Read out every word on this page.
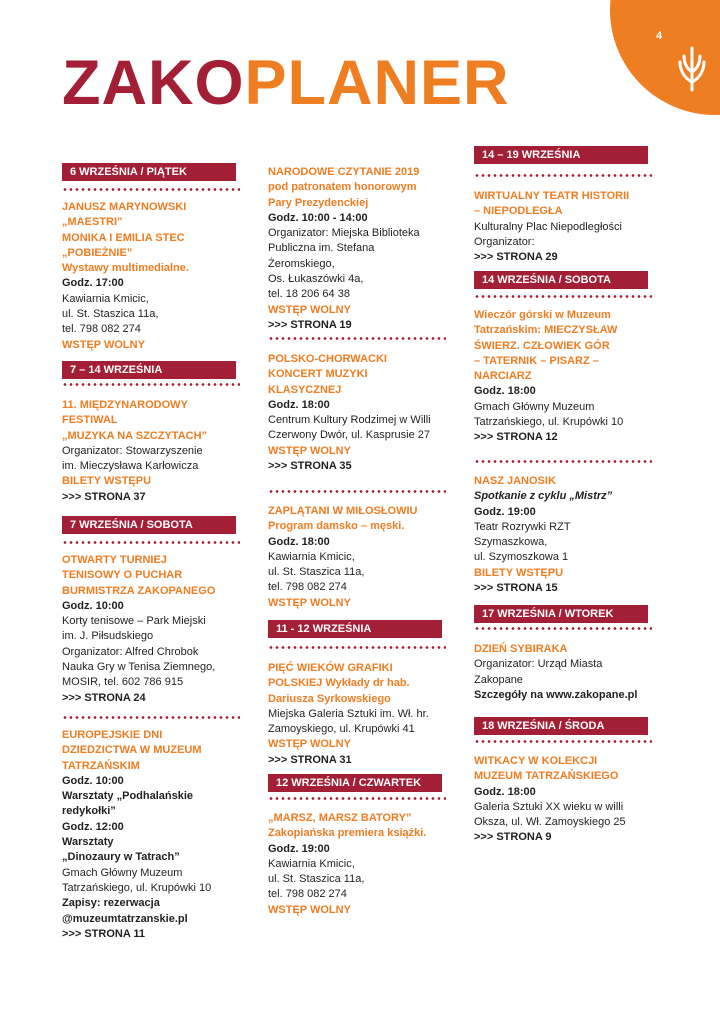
4
ZAKOPLANER
6 WRZEŚNIA / PIĄTEK
JANUSZ MARYNOWSKI
„MAESTRI”
MONIKA I EMILIA STEC
„POBIEŻNIE”
Wystawy multimedialne.
Godz. 17:00
Kawiarnia Kmicic,
ul. St. Staszica 11a,
tel. 798 082 274
WSTĘP WOLNY
7 – 14 WRZEŚNIA
11. MIĘDZYNARODOWY
FESTIWAL
„MUZYKA NA SZCZYTACH”
Organizator: Stowarzyszenie
im. Mieczysława Karłowicza
BILETY WSTĘPU
>>> STRONA 37
7 WRZEŚNIA / SOBOTA
OTWARTY TURNIEJ
TENISOWY O PUCHAR
BURMISTRZA ZAKOPANEGO
Godz. 10:00
Korty tenisowe – Park Miejski
im. J. Piłsudskiego
Organizator: Alfred Chrobok
Nauka Gry w Tenisa Ziemnego,
MOSIR, tel. 602 786 915
>>> STRONA 24
EUROPEJSKIE DNI
DZIEDZICTWA W MUZEUM
TATRZAŃSKIM
Godz. 10:00
Warsztaty „Podhalańskie
redykołki”
Godz. 12:00
Warsztaty
„Dinozaury w Tatrach”
Gmach Główny Muzeum
Tatrzańskiego, ul. Krupówki 10
Zapisy: rezerwacja
@muzeumtatrzanskie.pl
>>> STRONA 11
NARODOWE CZYTANIE 2019
pod patronatem honorowym
Pary Prezydenckiej
Godz. 10:00 - 14:00
Organizator: Miejska Biblioteka
Publiczna im. Stefana
Żeromskiego,
Os. Łukaszówki 4a,
tel. 18 206 64 38
WSTĘP WOLNY
>>> STRONA 19
POLSKO-CHORWACKI
KONCERT MUZYKI
KLASYCZNEJ
Godz. 18:00
Centrum Kultury Rodzimej w Willi
Czerwony Dwór, ul. Kasprusie 27
WSTĘP WOLNY
>>> STRONA 35
ZAPLĄTANI W MIŁOSŁOWIU
Program damsko – męski.
Godz. 18:00
Kawiarnia Kmicic,
ul. St. Staszica 11a,
tel. 798 082 274
WSTĘP WOLNY
11 - 12 WRZEŚNIA
PIĘĆ WIEKÓW GRAFIKI
POLSKIEJ Wykłady dr hab.
Dariusza Syrkowskiego
Miejska Galeria Sztuki im. Wł. hr.
Zamoyskiego, ul. Krupówki 41
WSTĘP WOLNY
>>> STRONA 31
12 WRZEŚNIA / CZWARTEK
„MARSZ, MARSZ BATORY”
Zakopiańska premiera książki.
Godz. 19:00
Kawiarnia Kmicic,
ul. St. Staszica 11a,
tel. 798 082 274
WSTĘP WOLNY
14 – 19 WRZEŚNIA
WIRTUALNY TEATR HISTORII
– NIEPODLEGŁA
Kulturalny Plac Niepodległości
Organizator:
>>> STRONA 29
14 WRZEŚNIA / SOBOTA
Wieczór górski w Muzeum
Tatrzańskim: MIECZYSŁAW
ŚWIERZ. CZŁOWIEK GÓR
– TATERNIK – PISARZ –
NARCIARZ
Godz. 18:00
Gmach Główny Muzeum
Tatrzańskiego, ul. Krupówki 10
>>> STRONA 12
NASZ JANOSIK
Spotkanie z cyklu „Mistrz”
Godz. 19:00
Teatr Rozrywki RZT
Szymaszkowa,
ul. Szymoszkowa 1
BILETY WSTĘPU
>>> STRONA 15
17 WRZEŚNIA / WTOREK
DZIEŃ SYBIRAKA
Organizator: Urząd Miasta
Zakopane
Szczegóły na www.zakopane.pl
18 WRZEŚNIA / ŚRODA
WITKACY W KOLEKCJI
MUZEUM TATRZAŃSKIEGO
Godz. 18:00
Galeria Sztuki XX wieku w willi
Oksza, ul. Wł. Zamoyskiego 25
>>> STRONA 9
